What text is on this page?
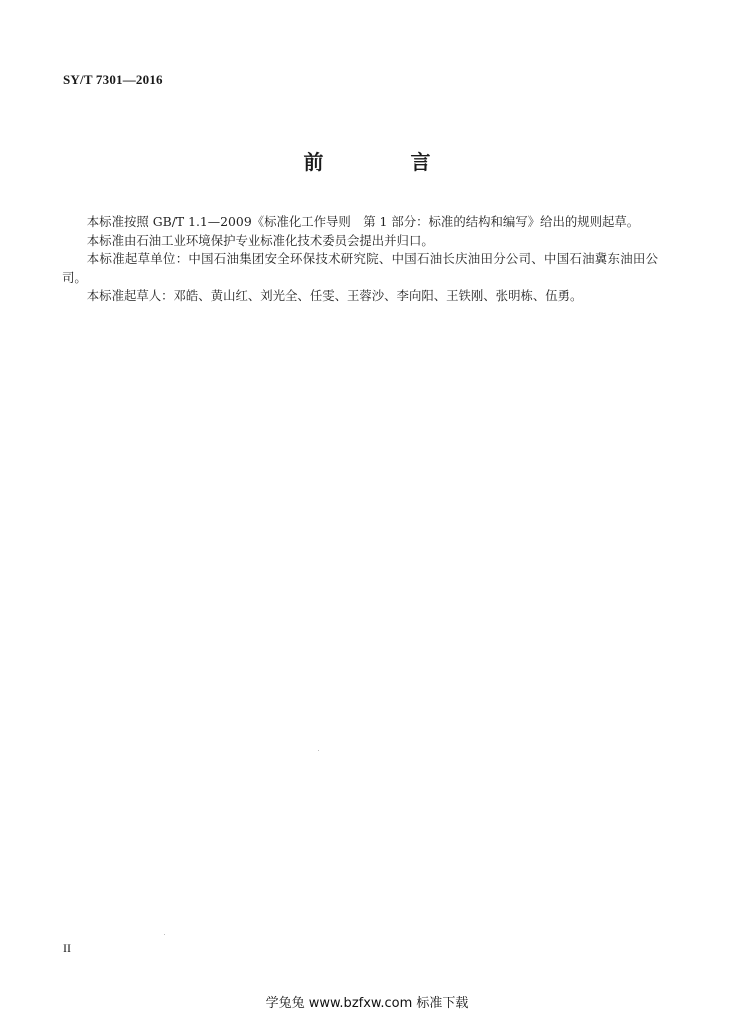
SY/T 7301—2016
前 言

本标准按照 GB/T 1.1—2009《标准化工作导则　第 1 部分：标准的结构和编写》给出的规则起草。

本标准由石油工业环境保护专业标准化技术委员会提出并归口。

本标准起草单位：中国石油集团安全环保技术研究院、中国石油长庆油田分公司、中国石油冀东油田公司。

本标准起草人：邓皓、黄山红、刘光全、任雯、王蓉沙、李向阳、王铁刚、张明栋、伍勇。

II
学兔兔 www.bzfxw.com 标准下载
